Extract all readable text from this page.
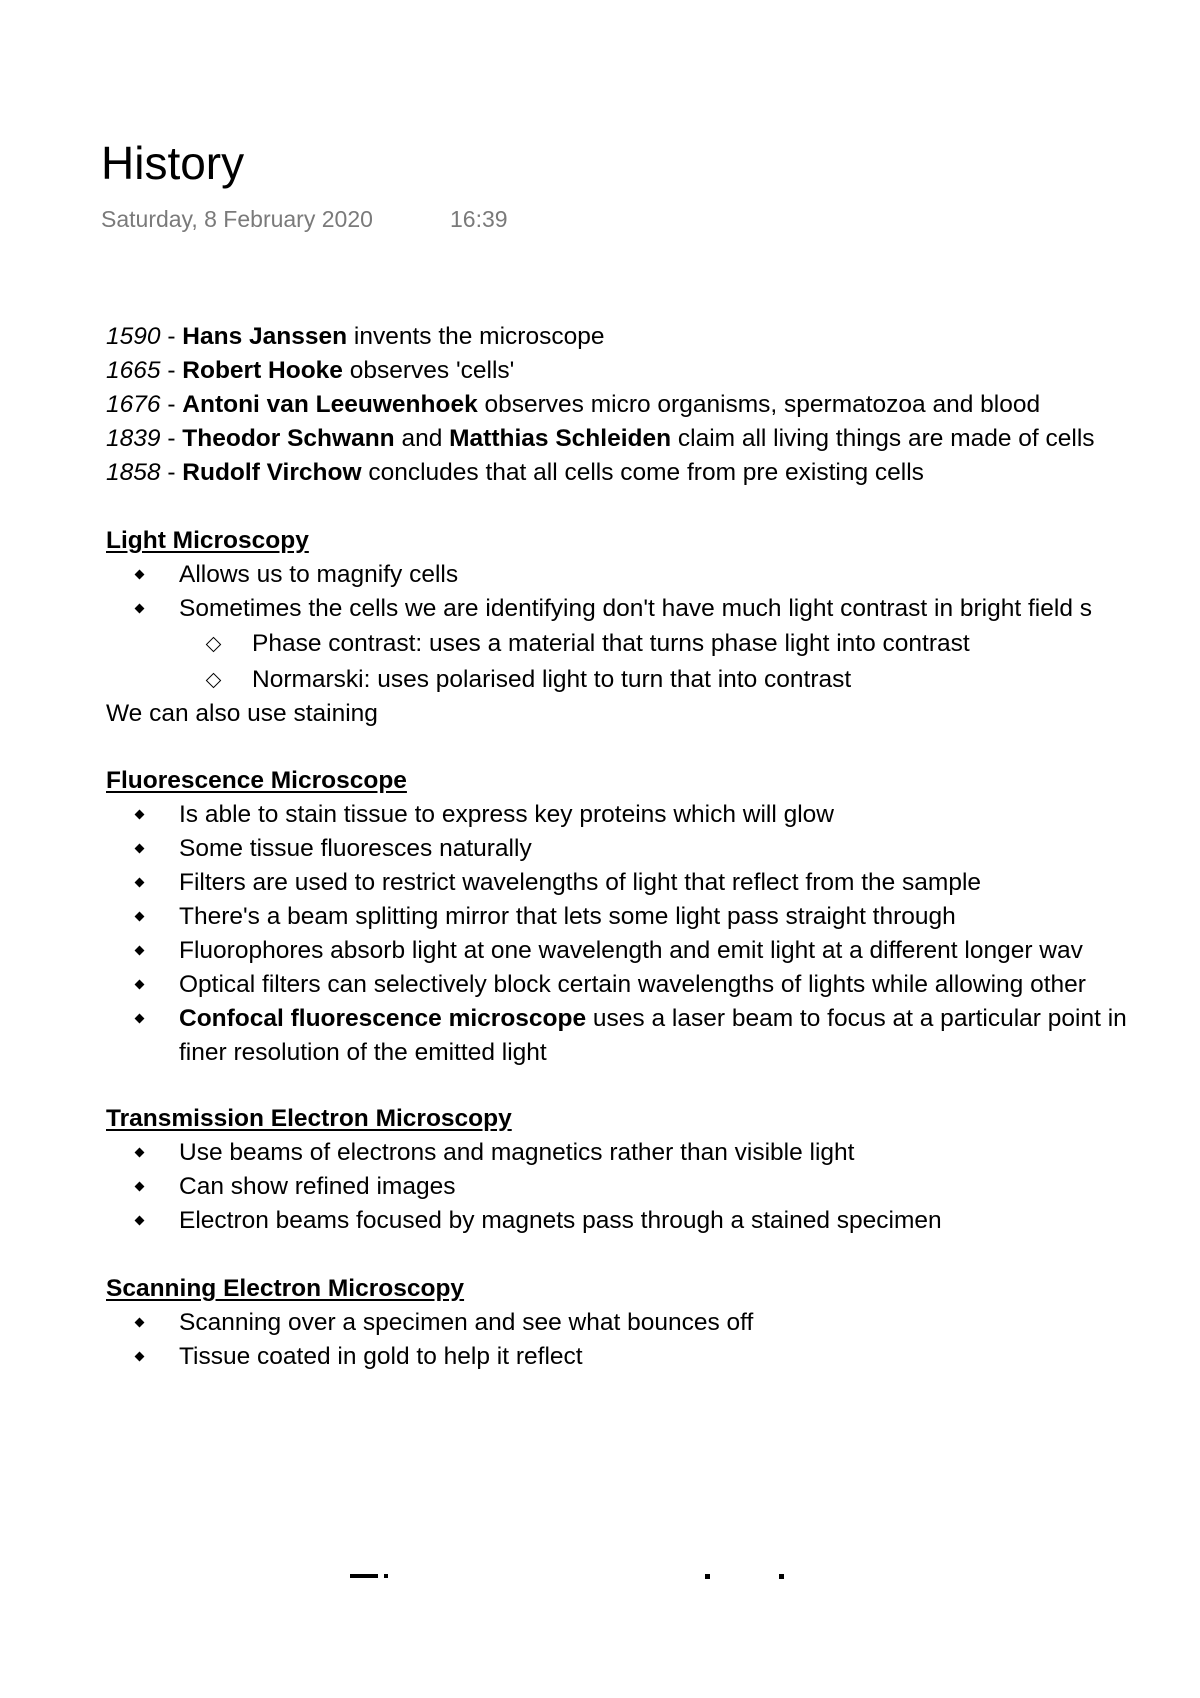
History
Saturday, 8 February 2020	16:39
1590 - Hans Janssen invents the microscope
1665 - Robert Hooke observes 'cells'
1676 - Antoni van Leeuwenhoek observes micro organisms, spermatozoa and blood
1839 - Theodor Schwann and Matthias Schleiden claim all living things are made of cells
1858 - Rudolf Virchow concludes that all cells come from pre existing cells
Light Microscopy
Allows us to magnify cells
Sometimes the cells we are identifying don't have much light contrast in bright field s
Phase contrast: uses a material that turns phase light into contrast
Normarski: uses polarised light to turn that into contrast
We can also use staining
Fluorescence Microscope
Is able to stain tissue to express key proteins which will glow
Some tissue fluoresces naturally
Filters are used to restrict wavelengths of light that reflect from the sample
There's a beam splitting mirror that lets some light pass straight through
Fluorophores absorb light at one wavelength and emit light at a different longer wav
Optical filters can selectively block certain wavelengths of lights while allowing other
Confocal fluorescence microscope uses a laser beam to focus at a particular point in
finer resolution of the emitted light
Transmission Electron Microscopy
Use beams of electrons and magnetics rather than visible light
Can show refined images
Electron beams focused by magnets pass through a stained specimen
Scanning Electron Microscopy
Scanning over a specimen and see what bounces off
Tissue coated in gold to help it reflect
